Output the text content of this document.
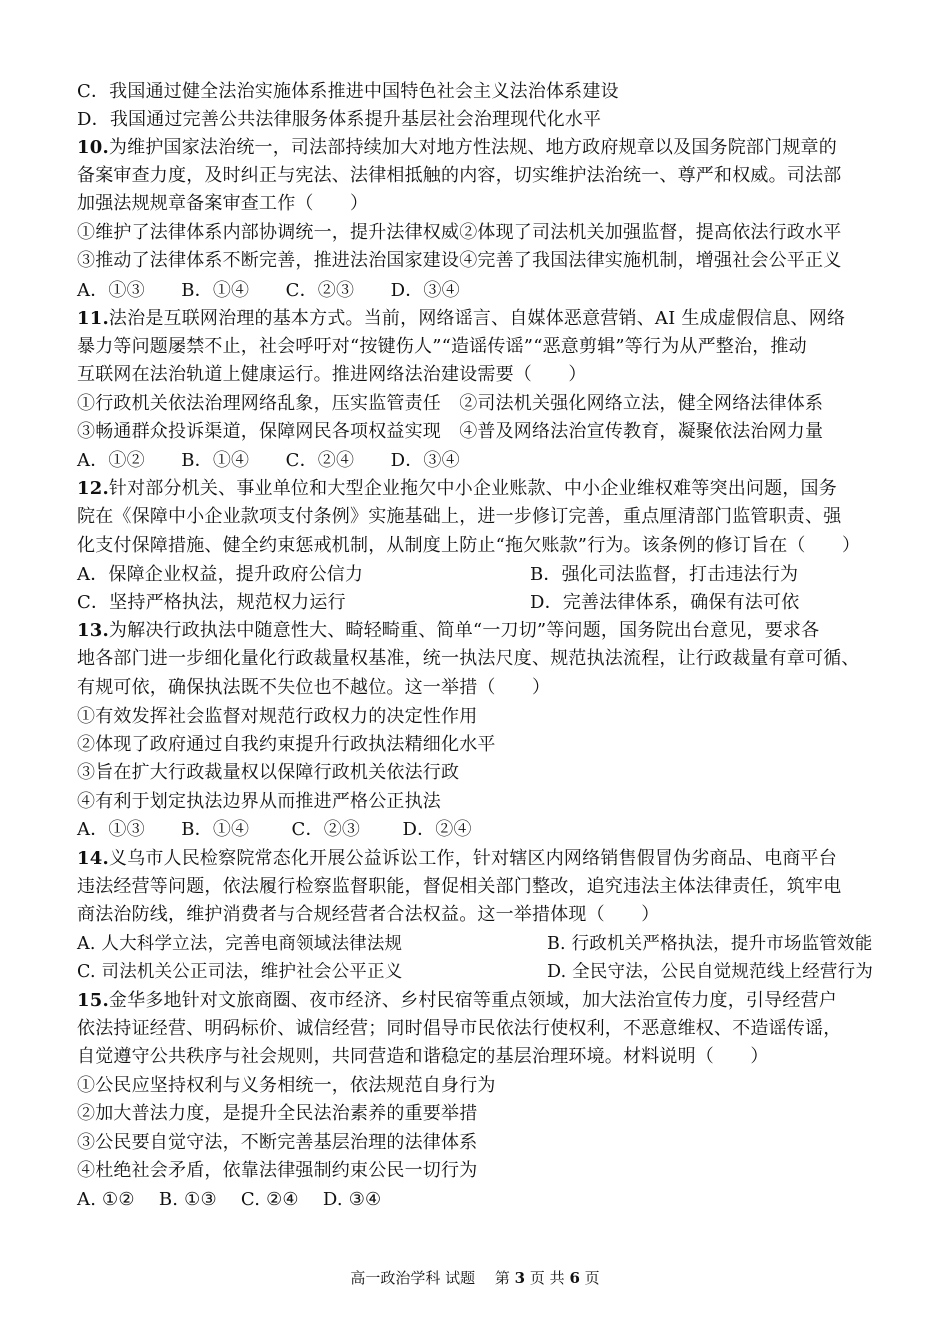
C．我国通过健全法治实施体系推进中国特色社会主义法治体系建设
D．我国通过完善公共法律服务体系提升基层社会治理现代化水平
10.为维护国家法治统一，司法部持续加大对地方性法规、地方政府规章以及国务院部门规章的
备案审查力度，及时纠正与宪法、法律相抵触的内容，切实维护法治统一、尊严和权威。司法部
加强法规规章备案审查工作（　　）
①维护了法律体系内部协调统一，提升法律权威②体现了司法机关加强监督，提高依法行政水平
③推动了法律体系不断完善，推进法治国家建设④完善了我国法律实施机制，增强社会公平正义
A．①③　　B．①④　　C．②③　　D．③④
11.法治是互联网治理的基本方式。当前，网络谣言、自媒体恶意营销、AI 生成虚假信息、网络
暴力等问题屡禁不止，社会呼吁对“按键伤人”“造谣传谣”“恶意剪辑”等行为从严整治，推动
互联网在法治轨道上健康运行。推进网络法治建设需要（　　）
①行政机关依法治理网络乱象，压实监管责任　②司法机关强化网络立法，健全网络法律体系
③畅通群众投诉渠道，保障网民各项权益实现　④普及网络法治宣传教育，凝聚依法治网力量
A．①②　　B．①④　　C．②④　　D．③④
12.针对部分机关、事业单位和大型企业拖欠中小企业账款、中小企业维权难等突出问题，国务
院在《保障中小企业款项支付条例》实施基础上，进一步修订完善，重点厘清部门监管职责、强
化支付保障措施、健全约束惩戒机制，从制度上防止“拖欠账款”行为。该条例的修订旨在（　　）
A．保障企业权益，提升政府公信力	B．强化司法监督，打击违法行为
C．坚持严格执法，规范权力运行	D．完善法律体系，确保有法可依
13.为解决行政执法中随意性大、畸轻畸重、简单“一刀切”等问题，国务院出台意见，要求各
地各部门进一步细化量化行政裁量权基准，统一执法尺度、规范执法流程，让行政裁量有章可循、
有规可依，确保执法既不失位也不越位。这一举措（　　）
①有效发挥社会监督对规范行政权力的决定性作用
②体现了政府通过自我约束提升行政执法精细化水平
③旨在扩大行政裁量权以保障行政机关依法行政
④有利于划定执法边界从而推进严格公正执法
A．①③　　B．①④　　 C．②③　　 D．②④
14.义乌市人民检察院常态化开展公益诉讼工作，针对辖区内网络销售假冒伪劣商品、电商平台
违法经营等问题，依法履行检察监督职能，督促相关部门整改，追究违法主体法律责任，筑牢电
商法治防线，维护消费者与合规经营者合法权益。这一举措体现（　　）
A. 人大科学立法，完善电商领域法律法规	B. 行政机关严格执法，提升市场监管效能
C. 司法机关公正司法，维护社会公平正义	D. 全民守法，公民自觉规范线上经营行为
15.金华多地针对文旅商圈、夜市经济、乡村民宿等重点领域，加大法治宣传力度，引导经营户
依法持证经营、明码标价、诚信经营；同时倡导市民依法行使权利，不恶意维权、不造谣传谣，
自觉遵守公共秩序与社会规则，共同营造和谐稳定的基层治理环境。材料说明（　　）
①公民应坚持权利与义务相统一，依法规范自身行为
②加大普法力度，是提升全民法治素养的重要举措
③公民要自觉守法，不断完善基层治理的法律体系
④杜绝社会矛盾，依靠法律强制约束公民一切行为
A. ①②　 B. ①③　 C. ②④　 D. ③④
高一政治学科 试题　 第 3 页 共 6 页
